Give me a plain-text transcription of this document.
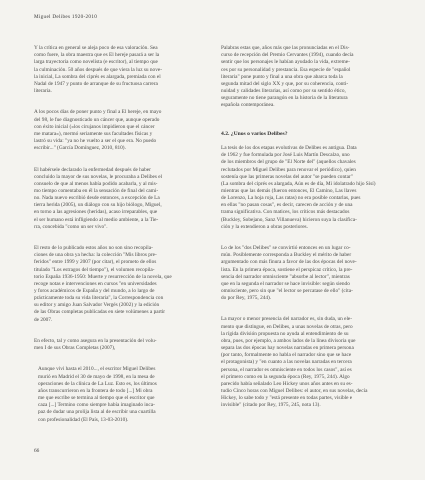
Miguel Delibes 1920-2010

Y la crítica en general se aleja poco de esa valoración. Sea
como fuere, la obra maestra que es El hereje pasará a ser la
larga trayectoria como novelista (e escritor), al tiempo que
la culminación. 50 años después de que viera la luz su nove-
la inicial, La sombra del ciprés es alargada, premiada con el
Nadal de 1947 y punto de arranque de su fructuosa carrera
literaria.

A los pocos días de poner punto y final a El hereje, en mayo
del 98, le fue diagnosticado un cáncer que, aunque operado
con éxito inicial («los cirujanos impidieron que el cáncer
me matara»), mermó seriamente sus facultades físicas y
lastró su vida: "ya no he vuelto a ser el que era. No puedo
escribir..." (García Domínguez, 2010, 810).

El habérsele declarado la enfermedad después de haber
concluido la mayor de sus novelas, le procuraba a Delibes el
consuelo de que al menos había podido acabarla, y al mis-
mo tiempo comentaba en él la sensación de final del cami-
no. Nada nuevo escribió desde entonces, a excepción de La
tierra herida (2005), un diálogo con su hijo biólogo, Miguel,
en torno a las agresiones (heridas), acaso irreparables, que
el ser humano está infligiendo al medio ambiente, a la Tie-
rra, concebida "como un ser vivo".

El resto de lo publicado estos años no son sino recopila-
ciones de una obra ya hecha: la colección "Mis libros pre-
feridos" entre 1999 y 2007 (por citar), el prometo de ellos
titulado "Los estragos del tiempo"), el volumen recopila-
torio España 1936-1950: Muerte y resurrección de la novela, que
recoge notas e intervenciones en cursos "en universidades
y foros académicos de España y del mundo, a lo largo de
prácticamente toda su vida literaria", la Correspondencia con
su editor y amigo Juan Salvador Vergés (2002) y la edición
de las Obras completas publicadas en siete volúmenes a partir
de 2007.

En efecto, tal y como asegura en la presentación del volu-
men I de sus Obras Completas (2007),

Aunque vivi hasta el 2010..., el escritor Miguel Delibes
murió en Madrid el 30 de mayo de 1998, en la mesa de
operaciones de la clínica de La Luz. Esto es, los últimos
años transcurrieron en la frontera de todo [...] Mi obra
me que escribe se termina al tiempo que el escritor que
caza [...] Termino como siempre había imaginado inca-
paz de dudar una prolija lista al de escribir una cuartilla
con profesionalidad (El País, 13-03-2010).

Palabras estas que, años más que las pronunciadas en el Dis-
curso de recepción del Premio Cervantes (1994), cuando decía
sentir que los personajes le habían ayudado la vida, extreme-
ces por su personalidad y prestancia. Esa especie de "español
literaria" pone punto y final a una obra que abarca toda la
segunda mitad del siglo XX y que, por su coherencia, conti-
nuidad y calidades literarias, así como por su sentido ético,
seguramente no tiene parangón en la historia de la literatura
española contemporánea.

4.2. ¿Unos o varios Delibes?

La tesis de los dos etapas evolutivas de Delibes es antigua. Data
de 1962 y fue formulada por José Luis Martín Descalzo, uno
de los miembros del grupo de "El Norte del" (aquellos chavales
reclutados por Miguel Delibes para renovar el periódico), quien
sostenía que las primeras novelas del autor "se pueden contar"
(La sombra del ciprés es alargada, Aún es de día, Mi idolatrado hijo Sisí)
mientras que las demás (fueron entonces, El Camino, Las llaves
de Lorenzo, La hoja roja, Las ratas) no era posible contarlas, pues
en ellas "no pasan cosas", es decir, carecen de acción y de una
trama significativa. Con matices, los críticos más destacados
(Buckley, Sobejano, Sanz Villanueva) hicieron suya la clasifica-
ción y la extendieron a obras posteriores.

Lo de los "dos Delibes" se convirtió entonces en un lugar co-
mún. Posiblemente corresponda a Buckley el mérito de haber
argumentado con más finura a favor de las dos épocas del nove-
lista. En la primera época, sostiene el perspicaz crítico, la pre-
sencia del narrador omnisciente "absorbe al lector", mientras
que en la segunda el narrador se hace invisible: según siendo
omnisciente, pero sin que "el lector se percatase de ello" (cita-
do por Rey, 1975, 244).

La mayor o menor presencia del narrador es, sin duda, un ele-
mento que distingue, en Delibes, a unas novelas de otras, pero
la rígida división propuesta no ayuda al entendimiento de su
obra, pues, por ejemplo, a ambos lados de la línea divisoria que
separa las dos épocas hay novelas narradas en primera persona
(por tanto, formalmente no habla el narrador sino que se hace
el protagonista) y "en cuanto a las novelas narradas en tercera
persona, el narrador es omnisciente en todos los casos", así es
el primero como en la segunda época (Rey, 1975, 244). Algo
parecido había señalado Leo Hickey unos años antes en su es-
tudio Cinco horas con Miguel Delibes: el autor, en sus novelas, decía
Hickey, lo sabe todo y "está presente en todas partes, visible e
invisible" (citado por Rey, 1975, 245, nota 13).

66
